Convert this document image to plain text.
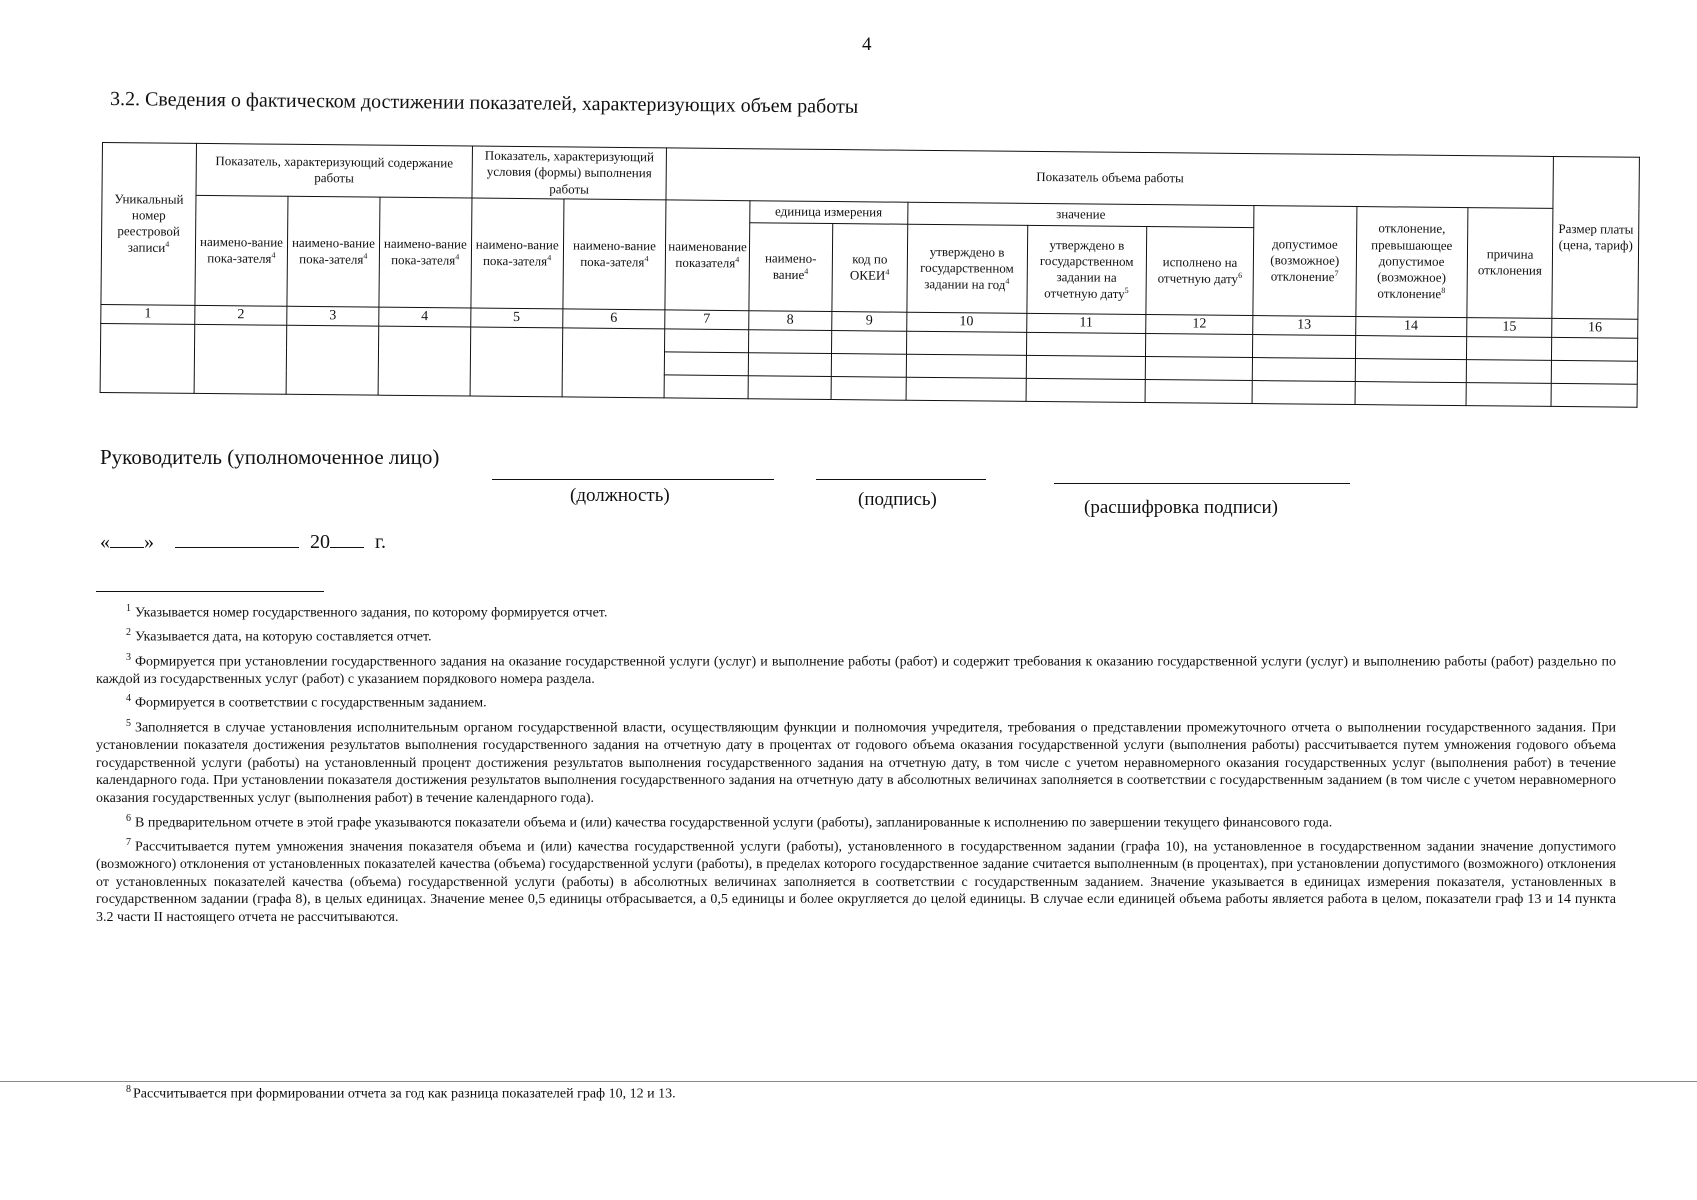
4
3.2. Сведения о фактическом достижении показателей, характеризующих объем работы
Уникальный номер реестровой записи$^4$	Показатель, характеризующий содержание работы			Показатель, характеризующий условия (формы) выполнения работы		Показатель объема работы									Размер платы (цена, тариф)
	наимено-вание пока-зателя$^4$	наимено-вание пока-зателя$^4$	наимено-вание пока-зателя$^4$	наимено-вание пока-зателя$^4$	наимено-вание пока-зателя$^4$	наименование показателя$^4$	единица измерения		значение			допустимое (возможное) отклонение$^7$	отклонение, превышающее допустимое (возможное) отклонение$^8$	причина отклонения	
							наимено-вание$^4$	код по ОКЕИ$^4$	утверждено в государственном задании на год$^4$	утверждено в государственном задании на отчетную дату$^5$	исполнено на отчетную дату$^6$
1	2	3	4	5	6	7	8	9	10	11	12	13	14	15	16

Руководитель (уполномоченное лицо)
(должность)	(подпись)	(расшифровка подписи)
« »	20 г.

$^1$ Указывается номер государственного задания, по которому формируется отчет.

$^2$ Указывается дата, на которую составляется отчет.

$^3$ Формируется при установлении государственного задания на оказание государственной услуги (услуг) и выполнение работы (работ) и содержит требования к оказанию государственной услуги (услуг) и выполнению работы (работ) раздельно по каждой из государственных услуг (работ) с указанием порядкового номера раздела.

$^4$ Формируется в соответствии с государственным заданием.

$^5$ Заполняется в случае установления исполнительным органом государственной власти, осуществляющим функции и полномочия учредителя, требования о представлении промежуточного отчета о выполнении государственного задания. При установлении показателя достижения результатов выполнения государственного задания на отчетную дату в процентах от годового объема оказания государственной услуги (выполнения работы) рассчитывается путем умножения годового объема государственной услуги (работы) на установленный процент достижения результатов выполнения государственного задания на отчетную дату, в том числе с учетом неравномерного оказания государственных услуг (выполнения работ) в течение календарного года. При установлении показателя достижения результатов выполнения государственного задания на отчетную дату в абсолютных величинах заполняется в соответствии с государственным заданием (в том числе с учетом неравномерного оказания государственных услуг (выполнения работ) в течение календарного года).

$^6$ В предварительном отчете в этой графе указываются показатели объема и (или) качества государственной услуги (работы), запланированные к исполнению по завершении текущего финансового года.

$^7$ Рассчитывается путем умножения значения показателя объема и (или) качества государственной услуги (работы), установленного в государственном задании (графа 10), на установленное в государственном задании значение допустимого (возможного) отклонения от установленных показателей качества (объема) государственной услуги (работы), в пределах которого государственное задание считается выполненным (в процентах), при установлении допустимого (возможного) отклонения от установленных показателей качества (объема) государственной услуги (работы) в абсолютных величинах заполняется в соответствии с государственным заданием. Значение указывается в единицах измерения показателя, установленных в государственном задании (графа 8), в целых единицах. Значение менее 0,5 единицы отбрасывается, а 0,5 единицы и более округляется до целой единицы. В случае если единицей объема работы является работа в целом, показатели граф 13 и 14 пункта 3.2 части II настоящего отчета не рассчитываются.

$^8$ Рассчитывается при формировании отчета за год как разница показателей граф 10, 12 и 13.
